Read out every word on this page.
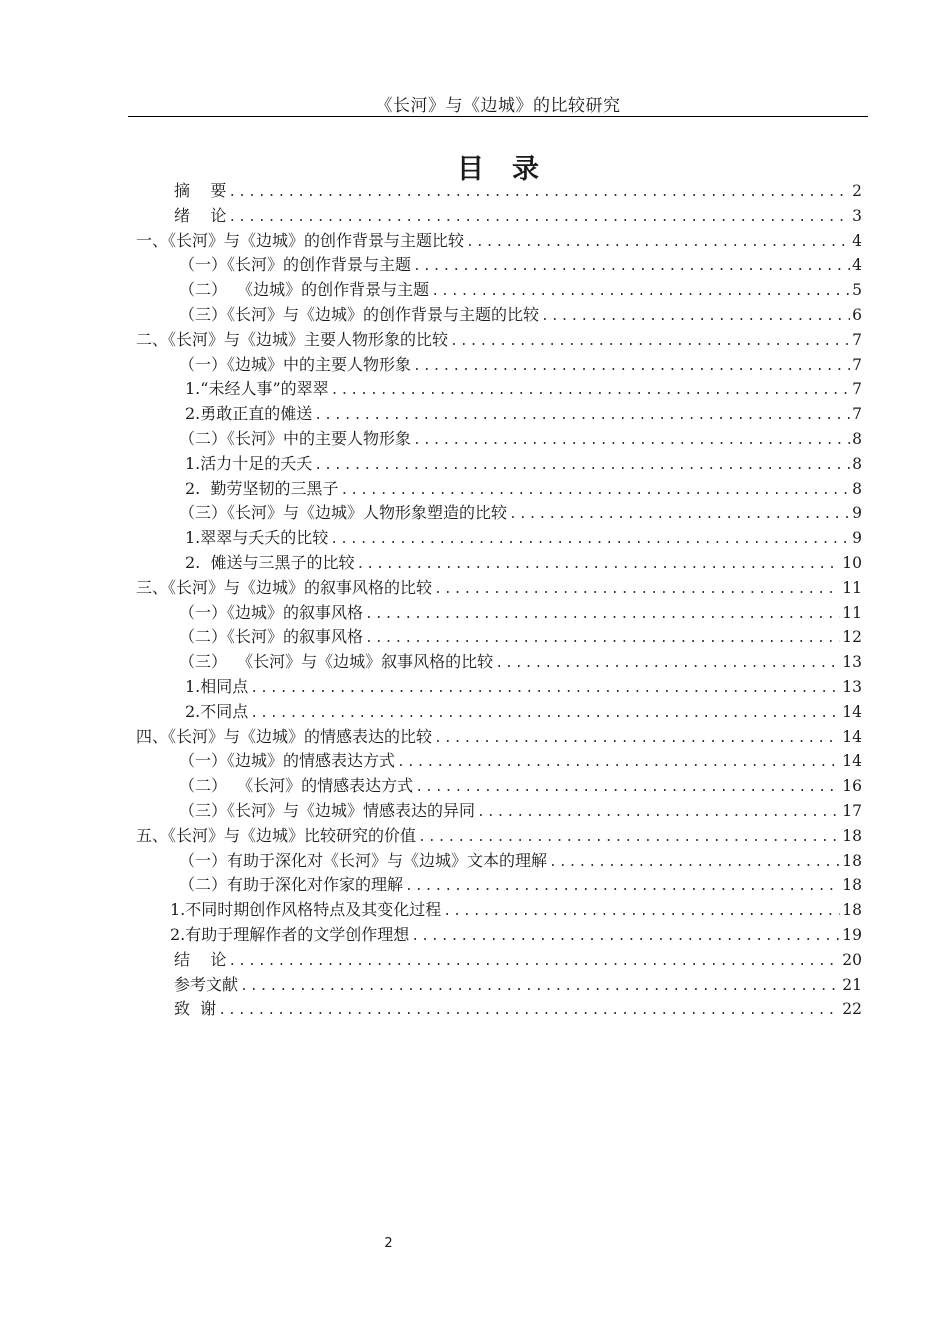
《长河》与《边城》的比较研究
目录
摘    要 .....	2
绪    论 .....	3
一、《长河》与《边城》的创作背景与主题比较 .....	4
（一）《长河》的创作背景与主题 .....	4
（二）  《边城》的创作背景与主题 .....	5
（三）《长河》与《边城》的创作背景与主题的比较 .....	6
二、《长河》与《边城》主要人物形象的比较 .....	7
（一）《边城》中的主要人物形象 .....	7
1.“未经人事”的翠翠 .....	7
2.勇敢正直的傩送 .....	7
（二）《长河》中的主要人物形象 .....	8
1.活力十足的夭夭 .....	8
2.  勤劳坚韧的三黑子 .....	8
（三）《长河》与《边城》人物形象塑造的比较 .....	9
1.翠翠与夭夭的比较 .....	9
2.  傩送与三黑子的比较 .....	10
三、《长河》与《边城》的叙事风格的比较 .....	11
（一）《边城》的叙事风格 .....	11
（二）《长河》的叙事风格 .....	12
（三）  《长河》与《边城》叙事风格的比较 .....	13
1.相同点 .....	13
2.不同点 .....	14
四、《长河》与《边城》的情感表达的比较 .....	14
（一）《边城》的情感表达方式 .....	14
（二）  《长河》的情感表达方式 .....	16
（三）《长河》与《边城》情感表达的异同 .....	17
五、《长河》与《边城》比较研究的价值 .....	18
（一）有助于深化对《长河》与《边城》文本的理解 .....	18
（二）有助于深化对作家的理解 .....	18
1.不同时期创作风格特点及其变化过程 .....	18
2.有助于理解作者的文学创作理想 .....	19
结    论 .....	20
参考文献 .....	21
致  谢 .....	22
2
